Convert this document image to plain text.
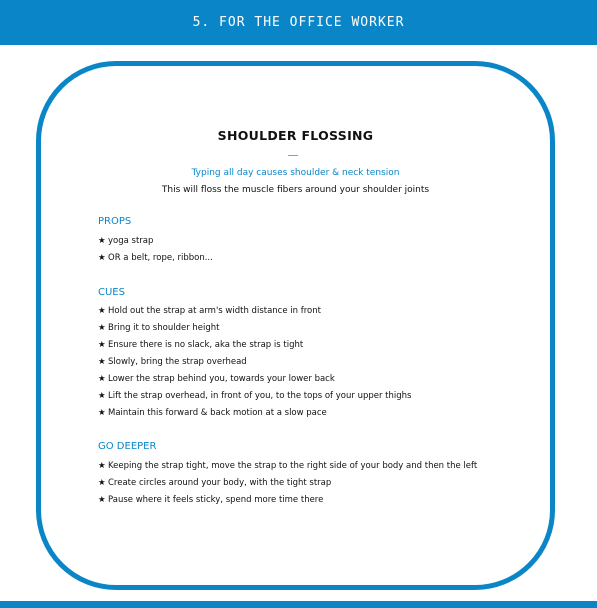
5. FOR THE OFFICE WORKER
SHOULDER FLOSSING
Typing all day causes shoulder & neck tension
This will floss the muscle fibers around your shoulder joints
PROPS
★ yoga strap
★ OR a belt, rope, ribbon...
CUES
★ Hold out the strap at arm's width distance in front
★ Bring it to shoulder height
★ Ensure there is no slack, aka the strap is tight
★ Slowly, bring the strap overhead
★ Lower the strap behind you, towards your lower back
★ Lift the strap overhead, in front of you, to the tops of your upper thighs
★ Maintain this forward & back motion at a slow pace
GO DEEPER
★ Keeping the strap tight, move the strap to the right side of your body and then the left
★ Create circles around your body, with the tight strap
★ Pause where it feels sticky, spend more time there
